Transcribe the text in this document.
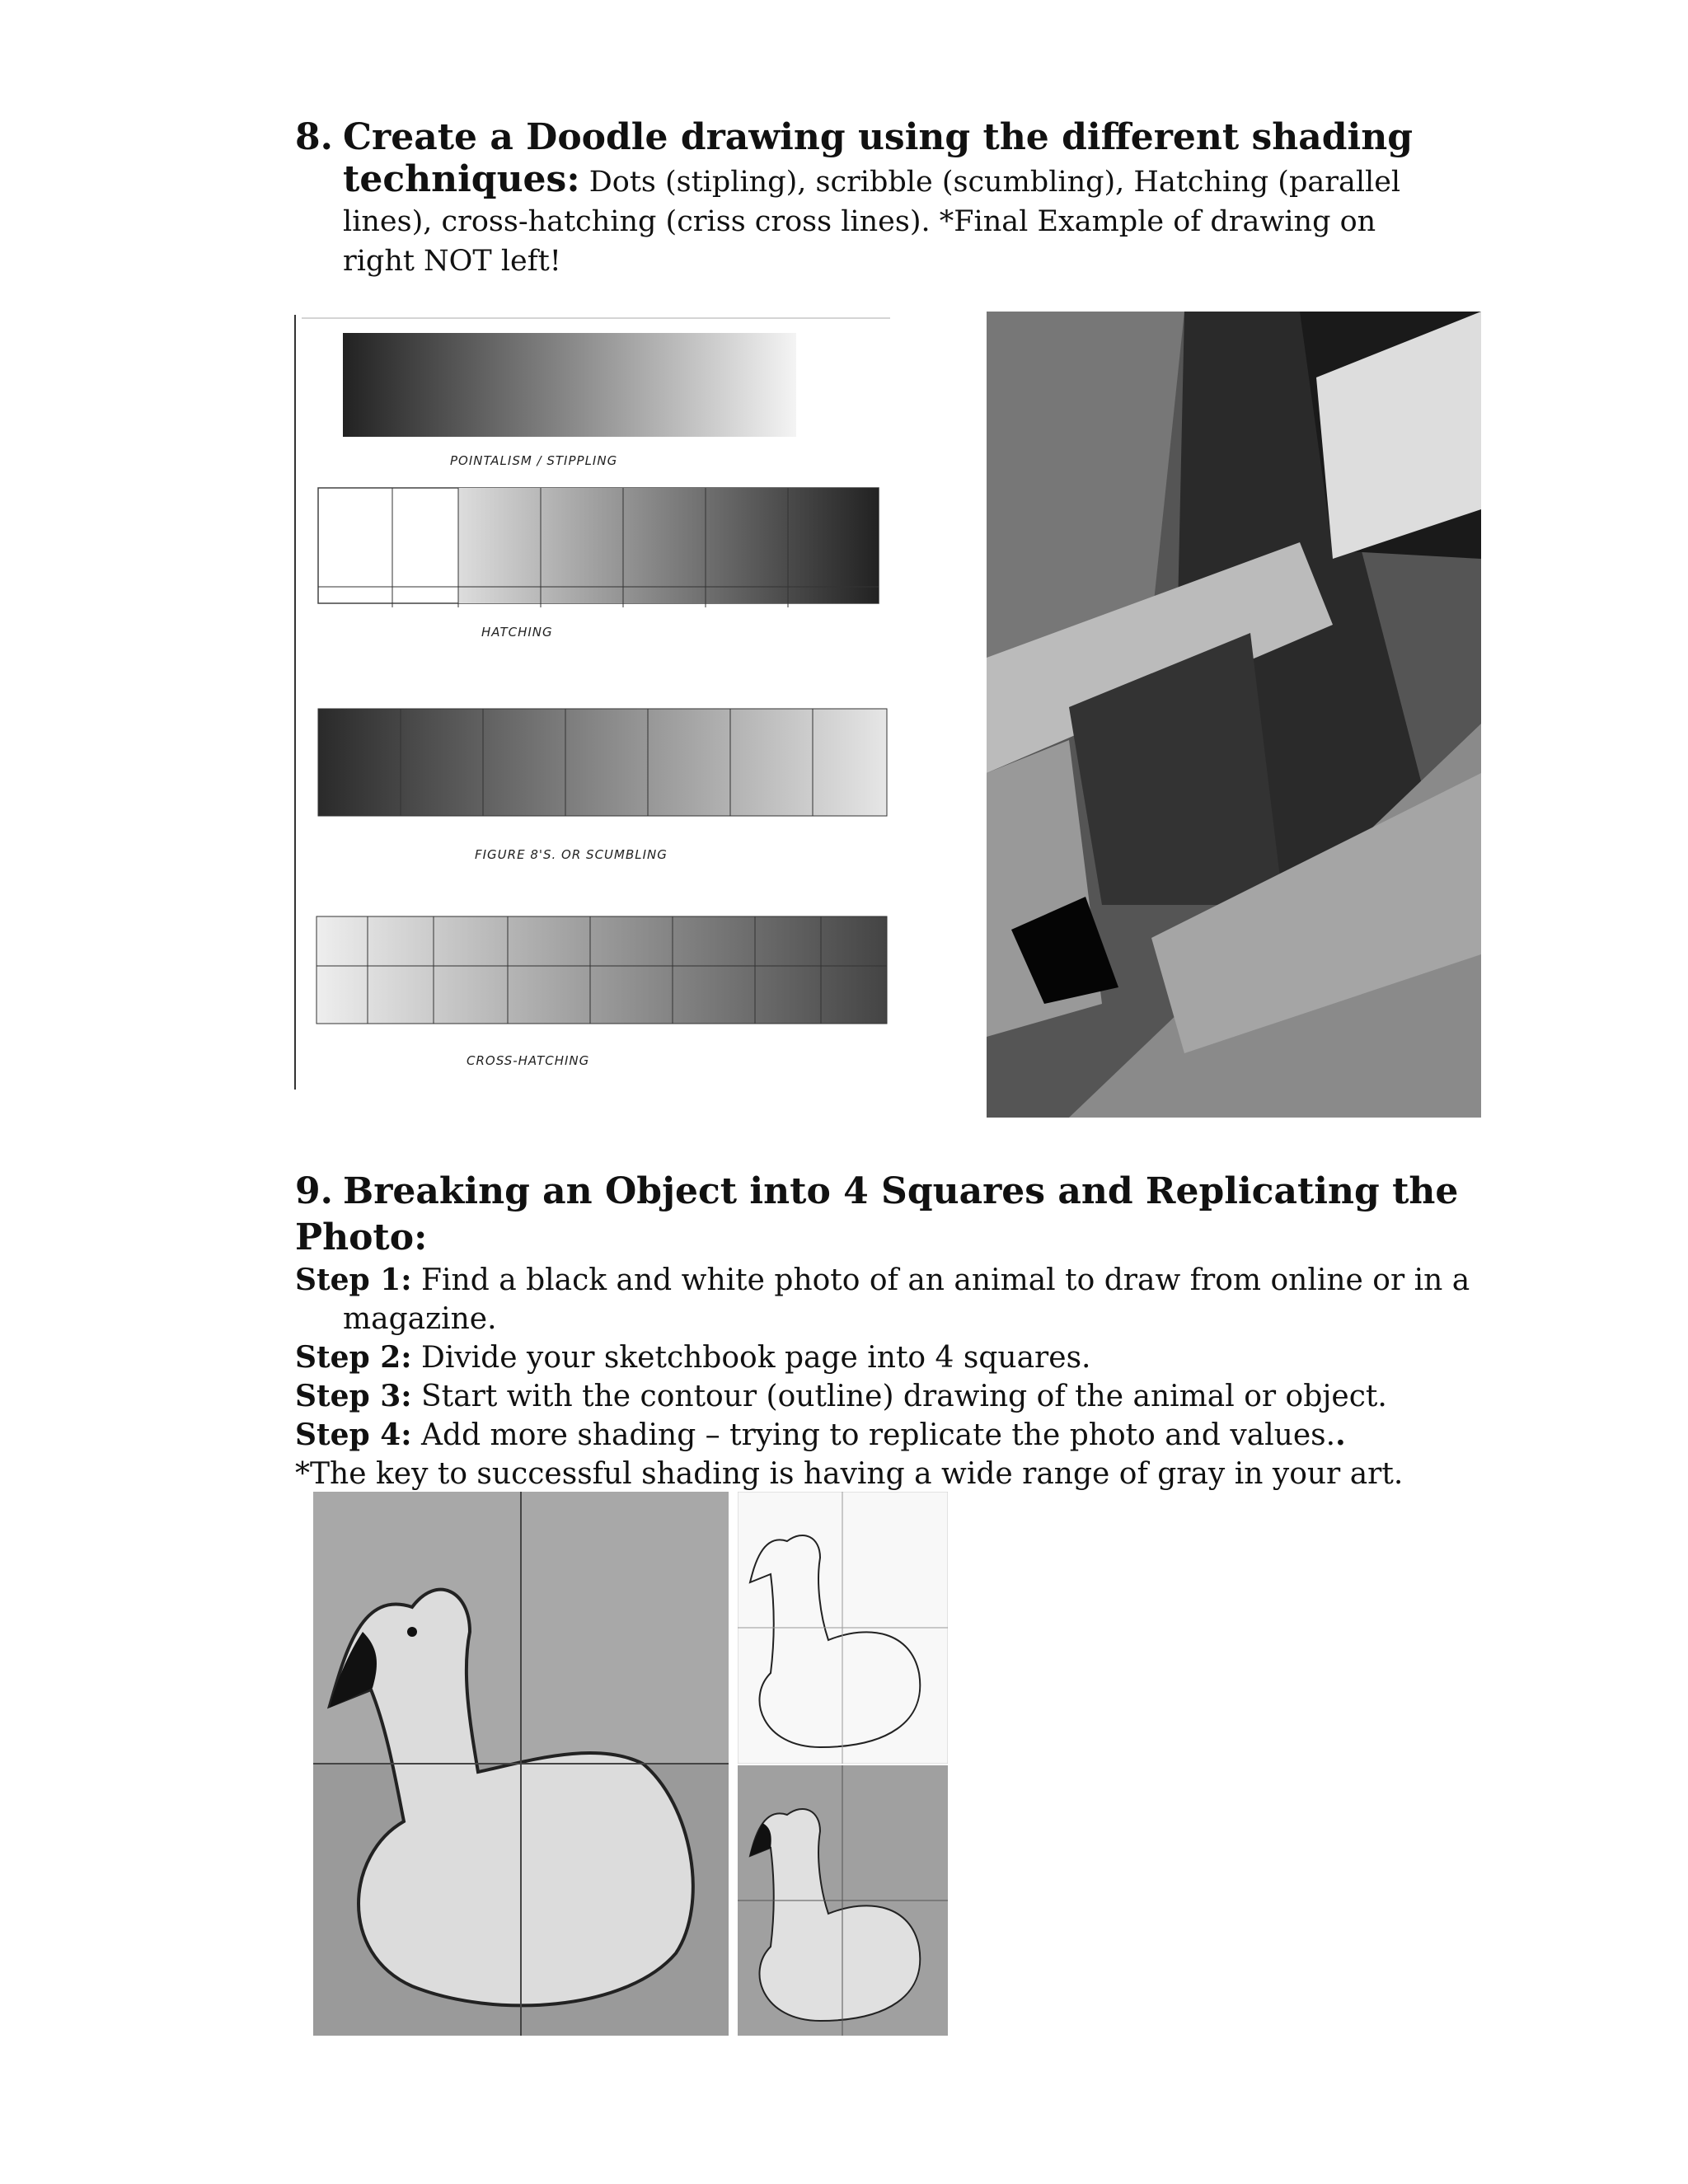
8. Create a Doodle drawing using the different shading
techniques: Dots (stipling), scribble (scumbling), Hatching (parallel lines), cross-hatching (criss cross lines). *Final Example of drawing on right NOT left!
POINTALISM / STIPPLING
HATCHING
FIGURE 8'S. OR SCUMBLING
CROSS-HATCHING
9. Breaking an Object into 4 Squares and Replicating the Photo:
Step 1: Find a black and white photo of an animal to draw from online or in a magazine.
Step 2: Divide your sketchbook page into 4 squares.
Step 3: Start with the contour (outline) drawing of the animal or object.
Step 4: Add more shading – trying to replicate the photo and values..
*The key to successful shading is having a wide range of gray in your art.
